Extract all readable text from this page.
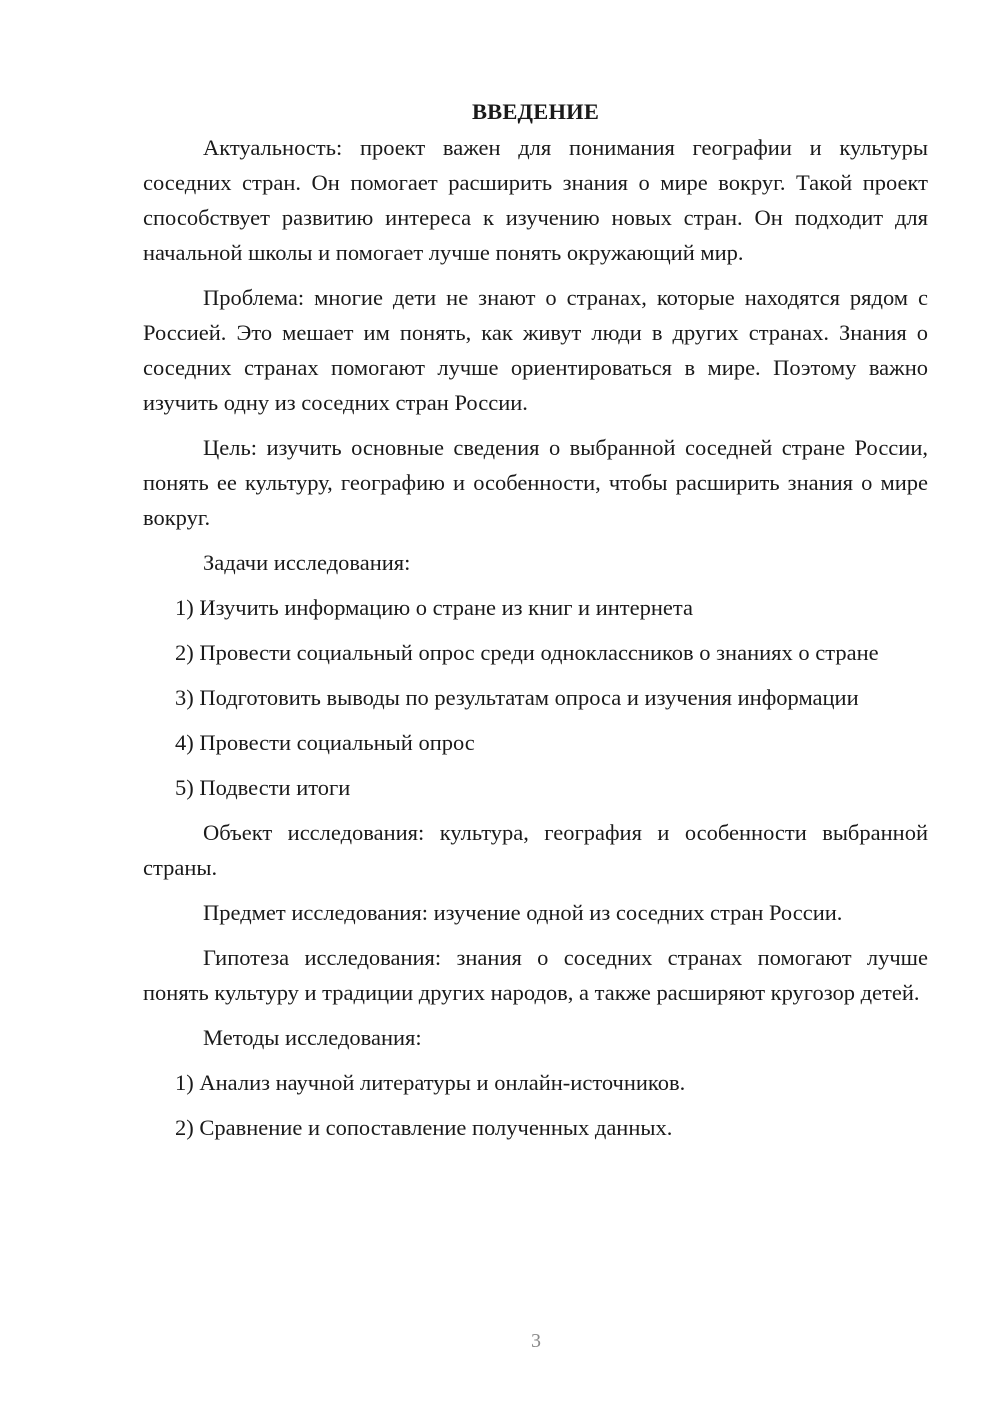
ВВЕДЕНИЕ

Актуальность: проект важен для понимания географии и культуры соседних стран. Он помогает расширить знания о мире вокруг. Такой проект способствует развитию интереса к изучению новых стран. Он подходит для начальной школы и помогает лучше понять окружающий мир.

Проблема: многие дети не знают о странах, которые находятся рядом с Россией. Это мешает им понять, как живут люди в других странах. Знания о соседних странах помогают лучше ориентироваться в мире. Поэтому важно изучить одну из соседних стран России.

Цель: изучить основные сведения о выбранной соседней стране России, понять ее культуру, географию и особенности, чтобы расширить знания о мире вокруг.

Задачи исследования:

1) Изучить информацию о стране из книг и интернета

2) Провести социальный опрос среди одноклассников о знаниях о стране

3) Подготовить выводы по результатам опроса и изучения информации

4) Провести социальный опрос

5) Подвести итоги

Объект исследования: культура, география и особенности выбранной страны.

Предмет исследования: изучение одной из соседних стран России.

Гипотеза исследования: знания о соседних странах помогают лучше понять культуру и традиции других народов, а также расширяют кругозор детей.

Методы исследования:

1) Анализ научной литературы и онлайн-источников.

2) Сравнение и сопоставление полученных данных.

3
